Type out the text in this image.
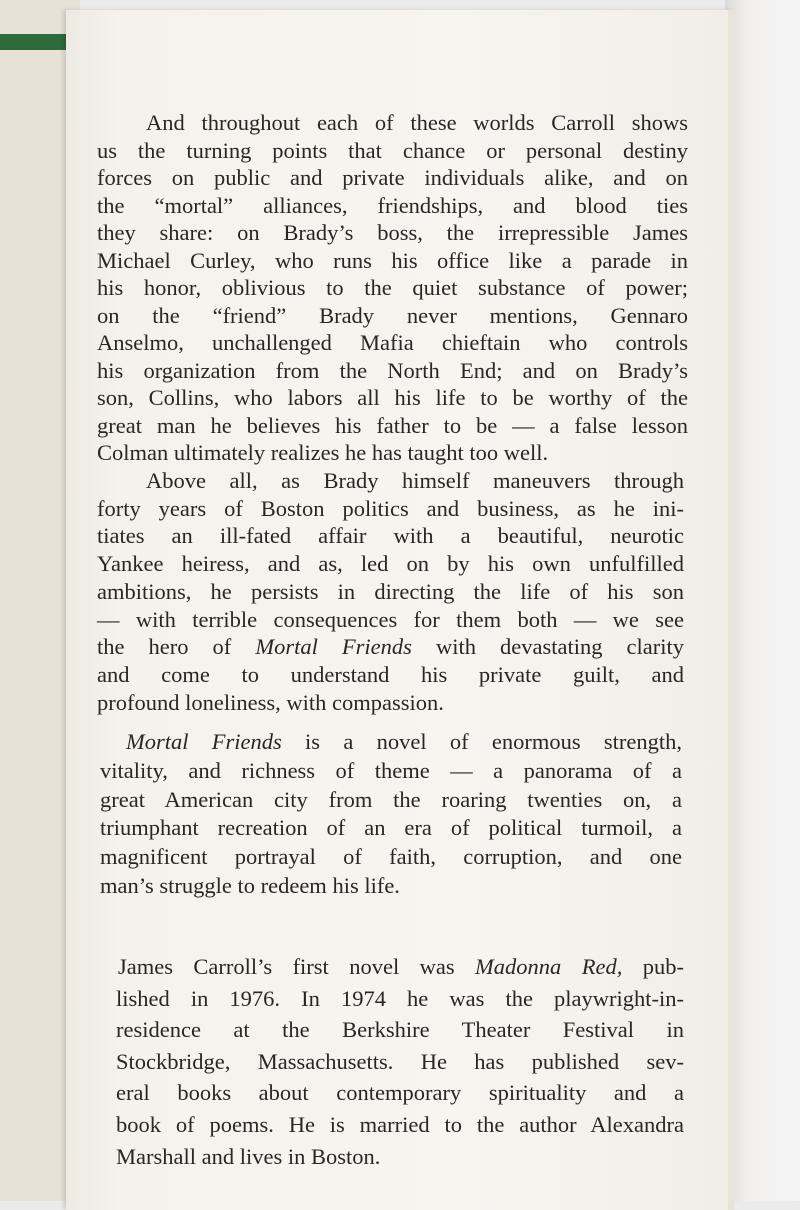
And throughout each of these worlds Carroll shows
us the turning points that chance or personal destiny
forces on public and private individuals alike, and on
the “mortal” alliances, friendships, and blood ties
they share: on Brady’s boss, the irrepressible James
Michael Curley, who runs his office like a parade in
his honor, oblivious to the quiet substance of power;
on the “friend” Brady never mentions, Gennaro
Anselmo, unchallenged Mafia chieftain who controls
his organization from the North End; and on Brady’s
son, Collins, who labors all his life to be worthy of the
great man he believes his father to be — a false lesson
Colman ultimately realizes he has taught too well.
Above all, as Brady himself maneuvers through
forty years of Boston politics and business, as he ini-
tiates an ill-fated affair with a beautiful, neurotic
Yankee heiress, and as, led on by his own unfulfilled
ambitions, he persists in directing the life of his son
— with terrible consequences for them both — we see
the hero of Mortal Friends with devastating clarity
and come to understand his private guilt, and
profound loneliness, with compassion.
Mortal Friends is a novel of enormous strength,
vitality, and richness of theme — a panorama of a
great American city from the roaring twenties on, a
triumphant recreation of an era of political turmoil, a
magnificent portrayal of faith, corruption, and one
man’s struggle to redeem his life.
James Carroll’s first novel was Madonna Red, pub-
lished in 1976. In 1974 he was the playwright-in-
residence at the Berkshire Theater Festival in
Stockbridge, Massachusetts. He has published sev-
eral books about contemporary spirituality and a
book of poems. He is married to the author Alexandra
Marshall and lives in Boston.
